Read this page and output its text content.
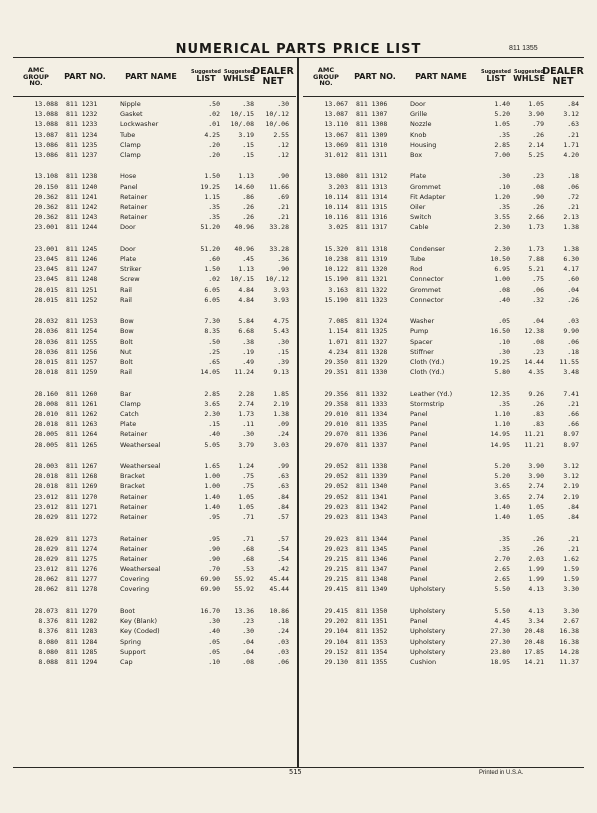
NUMERICAL PARTS PRICE LIST	811 1355
AMC
GROUP
NO.
PART NO. PART NAME	Suggested
LIST
Suggested
WHLSE
DEALER
NET
13.088 811 1231	Nipple	.50	.38	.30
13.088 811 1232	Gasket	.02	10/.15	10/.12
13.088 811 1233	Lockwasher	.01	10/.08	10/.06
13.087 811 1234	Tube	4.25	3.19	2.55
13.086 811 1235	Clamp	.20	.15	.12
13.086 811 1237	Clamp	.20	.15	.12
13.108 811 1238	Hose	1.50	1.13	.90
20.150 811 1240	Panel	19.25	14.60	11.66
20.362 811 1241	Retainer	1.15	.86	.69
20.362 811 1242	Retainer	.35	.26	.21
20.362 811 1243	Retainer	.35	.26	.21
23.001 811 1244	Door	51.20	40.96	33.28
23.001 811 1245	Door	51.20	40.96	33.28
23.045 811 1246	Plate	.60	.45	.36
23.045 811 1247	Striker	1.50	1.13	.90
23.045 811 1248	Screw	.02	10/.15	10/.12
28.015 811 1251	Rail	6.05	4.84	3.93
28.015 811 1252	Rail	6.05	4.84	3.93
28.032 811 1253	Bow	7.30	5.84	4.75
28.036 811 1254	Bow	8.35	6.68	5.43
28.036 811 1255	Bolt	.50	.38	.30
28.036 811 1256	Nut	.25	.19	.15
28.015 811 1257	Bolt	.65	.49	.39
28.018 811 1259	Rail	14.05	11.24	9.13
28.160 811 1260	Bar	2.85	2.28	1.85
28.008 811 1261	Clamp	3.65	2.74	2.19
28.010 811 1262	Catch	2.30	1.73	1.38
28.018 811 1263	Plate	.15	.11	.09
28.005 811 1264	Retainer	.40	.30	.24
28.005 811 1265	Weatherseal	5.05	3.79	3.03
28.003 811 1267	Weatherseal	1.65	1.24	.99
28.018 811 1268	Bracket	1.00	.75	.63
28.018 811 1269	Bracket	1.00	.75	.63
23.012 811 1270	Retainer	1.40	1.05	.84
23.012 811 1271	Retainer	1.40	1.05	.84
28.029 811 1272	Retainer	.95	.71	.57
28.029 811 1273	Retainer	.95	.71	.57
28.029 811 1274	Retainer	.90	.68	.54
28.029 811 1275	Retainer	.90	.68	.54
23.012 811 1276	Weatherseal	.70	.53	.42
28.062 811 1277	Covering	69.90	55.92	45.44
28.062 811 1278	Covering	69.90	55.92	45.44
28.073 811 1279	Boot	16.70	13.36	10.86
8.376 811 1282	Key (Blank)	.30	.23	.18
8.376 811 1283	Key (Coded)	.40	.30	.24
8.080 811 1284	Spring	.05	.04	.03
8.080 811 1285	Support	.05	.04	.03
8.088 811 1294	Cap	.10	.08	.06
AMC
GROUP
NO.
PART NO. PART NAME	Suggested
LIST
Suggested
WHLSE
DEALER
NET
13.067 811 1306	Door	1.40	1.05	.84
13.087 811 1307	Grille	5.20	3.90	3.12
13.110 811 1308	Nozzle	1.05	.79	.63
13.067 811 1309	Knob	.35	.26	.21
13.069 811 1310	Housing	2.85	2.14	1.71
31.012 811 1311	Box	7.00	5.25	4.20
13.080 811 1312	Plate	.30	.23	.18
3.203 811 1313	Grommet	.10	.08	.06
10.114 811 1314	Fit Adapter	1.20	.90	.72
10.114 811 1315	Oiler	.35	.26	.21
10.116 811 1316	Switch	3.55	2.66	2.13
3.025 811 1317	Cable	2.30	1.73	1.38
15.320 811 1318	Condenser	2.30	1.73	1.38
10.238 811 1319	Tube	10.50	7.88	6.30
10.122 811 1320	Rod	6.95	5.21	4.17
15.190 811 1321	Connector	1.00	.75	.60
3.163 811 1322	Grommet	.08	.06	.04
15.190 811 1323	Connector	.40	.32	.26
7.085 811 1324	Washer	.05	.04	.03
1.154 811 1325	Pump	16.50	12.38	9.90
1.071 811 1327	Spacer	.10	.08	.06
4.234 811 1328	Stiffner	.30	.23	.18
29.350 811 1329	Cloth (Yd.)	19.25	14.44	11.55
29.351 811 1330	Cloth (Yd.)	5.80	4.35	3.48
29.356 811 1332	Leather (Yd.)	12.35	9.26	7.41
29.358 811 1333	Stormstrip	.35	.26	.21
29.010 811 1334	Panel	1.10	.83	.66
29.010 811 1335	Panel	1.10	.83	.66
29.070 811 1336	Panel	14.95	11.21	8.97
29.070 811 1337	Panel	14.95	11.21	8.97
29.052 811 1338	Panel	5.20	3.90	3.12
29.052 811 1339	Panel	5.20	3.90	3.12
29.052 811 1340	Panel	3.65	2.74	2.19
29.052 811 1341	Panel	3.65	2.74	2.19
29.023 811 1342	Panel	1.40	1.05	.84
29.023 811 1343	Panel	1.40	1.05	.84
29.023 811 1344	Panel	.35	.26	.21
29.023 811 1345	Panel	.35	.26	.21
29.215 811 1346	Panel	2.70	2.03	1.62
29.215 811 1347	Panel	2.65	1.99	1.59
29.215 811 1348	Panel	2.65	1.99	1.59
29.415 811 1349	Upholstery	5.50	4.13	3.30
29.415 811 1350	Upholstery	5.50	4.13	3.30
29.202 811 1351	Panel	4.45	3.34	2.67
29.104 811 1352	Upholstery	27.30	20.48	16.38
29.104 811 1353	Upholstery	27.30	20.48	16.38
29.152 811 1354	Upholstery	23.80	17.85	14.28
29.130 811 1355	Cushion	18.95	14.21	11.37
515	Printed in U.S.A.
